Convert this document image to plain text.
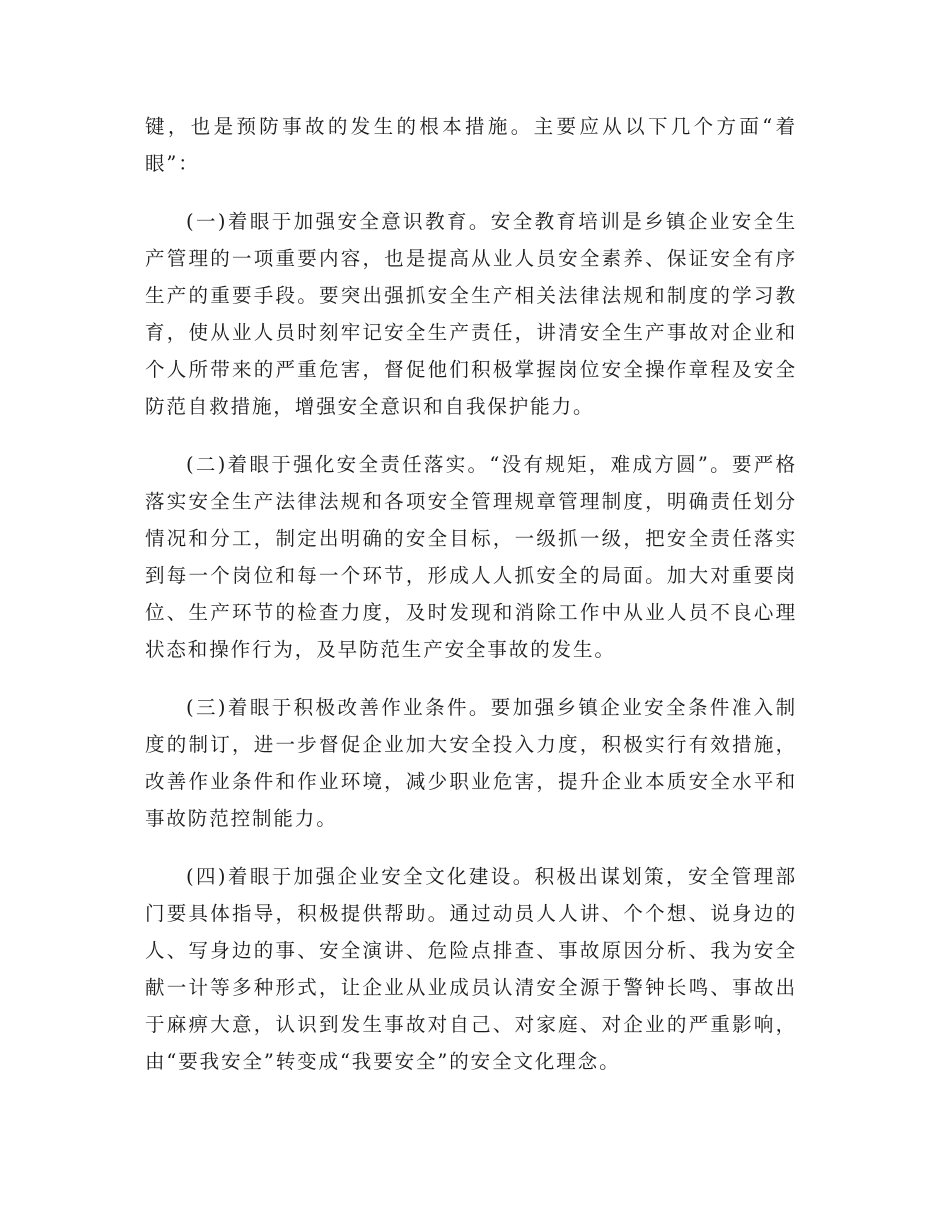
键，也是预防事故的发生的根本措施。主要应从以下几个方面“着眼”：

(一)着眼于加强安全意识教育。安全教育培训是乡镇企业安全生产管理的一项重要内容，也是提高从业人员安全素养、保证安全有序生产的重要手段。要突出强抓安全生产相关法律法规和制度的学习教育，使从业人员时刻牢记安全生产责任，讲清安全生产事故对企业和个人所带来的严重危害，督促他们积极掌握岗位安全操作章程及安全防范自救措施，增强安全意识和自我保护能力。

(二)着眼于强化安全责任落实。“没有规矩，难成方圆”。要严格落实安全生产法律法规和各项安全管理规章管理制度，明确责任划分情况和分工，制定出明确的安全目标，一级抓一级，把安全责任落实到每一个岗位和每一个环节，形成人人抓安全的局面。加大对重要岗位、生产环节的检查力度，及时发现和消除工作中从业人员不良心理状态和操作行为，及早防范生产安全事故的发生。

(三)着眼于积极改善作业条件。要加强乡镇企业安全条件准入制度的制订，进一步督促企业加大安全投入力度，积极实行有效措施，改善作业条件和作业环境，减少职业危害，提升企业本质安全水平和事故防范控制能力。

(四)着眼于加强企业安全文化建设。积极出谋划策，安全管理部门要具体指导，积极提供帮助。通过动员人人讲、个个想、说身边的人、写身边的事、安全演讲、危险点排查、事故原因分析、我为安全献一计等多种形式，让企业从业成员认清安全源于警钟长鸣、事故出于麻痹大意，认识到发生事故对自己、对家庭、对企业的严重影响，由“要我安全”转变成“我要安全”的安全文化理念。
